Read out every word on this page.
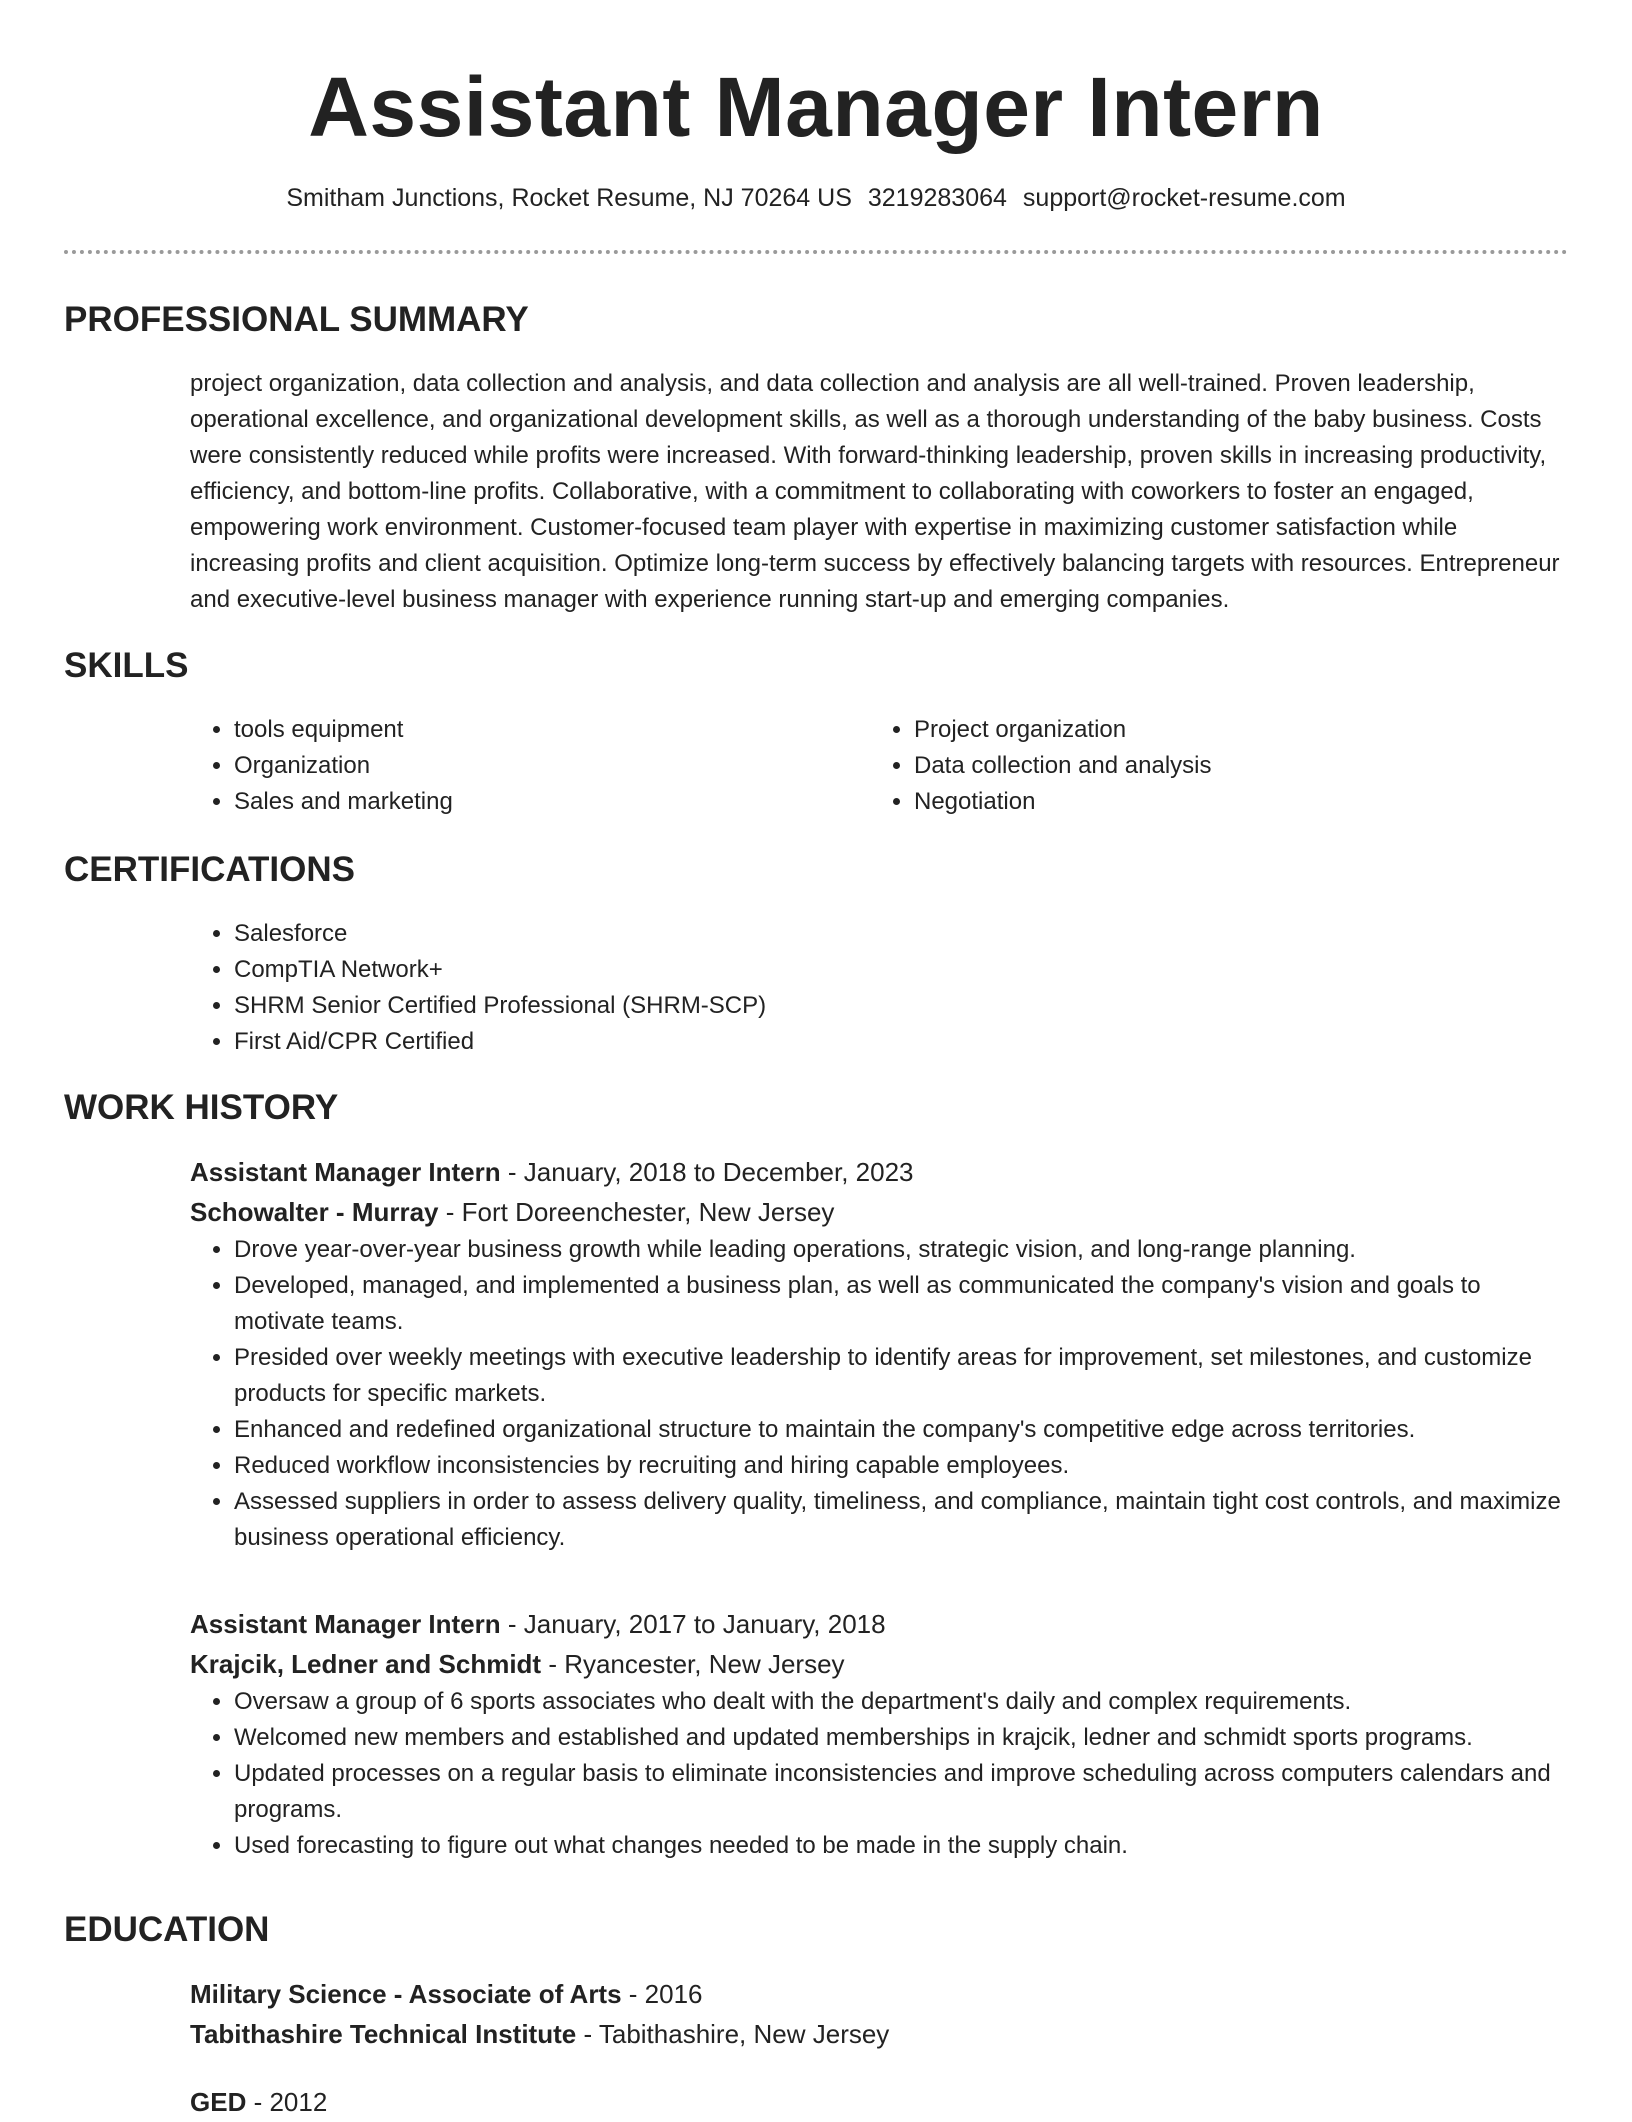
Assistant Manager Intern
Smitham Junctions, Rocket Resume, NJ 70264 US 3219283064 support@rocket-resume.com
PROFESSIONAL SUMMARY
project organization, data collection and analysis, and data collection and analysis are all well-trained. Proven leadership, operational excellence, and organizational development skills, as well as a thorough understanding of the baby business. Costs were consistently reduced while profits were increased. With forward-thinking leadership, proven skills in increasing productivity, efficiency, and bottom-line profits. Collaborative, with a commitment to collaborating with coworkers to foster an engaged, empowering work environment. Customer-focused team player with expertise in maximizing customer satisfaction while increasing profits and client acquisition. Optimize long-term success by effectively balancing targets with resources. Entrepreneur and executive-level business manager with experience running start-up and emerging companies.
SKILLS
• tools equipment
• Organization
• Sales and marketing
• Project organization
• Data collection and analysis
• Negotiation
CERTIFICATIONS
• Salesforce
• CompTIA Network+
• SHRM Senior Certified Professional (SHRM-SCP)
• First Aid/CPR Certified
WORK HISTORY
Assistant Manager Intern - January, 2018 to December, 2023
Schowalter - Murray - Fort Doreenchester, New Jersey
• Drove year-over-year business growth while leading operations, strategic vision, and long-range planning.
• Developed, managed, and implemented a business plan, as well as communicated the company's vision and goals to motivate teams.
• Presided over weekly meetings with executive leadership to identify areas for improvement, set milestones, and customize products for specific markets.
• Enhanced and redefined organizational structure to maintain the company's competitive edge across territories.
• Reduced workflow inconsistencies by recruiting and hiring capable employees.
• Assessed suppliers in order to assess delivery quality, timeliness, and compliance, maintain tight cost controls, and maximize business operational efficiency.
Assistant Manager Intern - January, 2017 to January, 2018
Krajcik, Ledner and Schmidt - Ryancester, New Jersey
• Oversaw a group of 6 sports associates who dealt with the department's daily and complex requirements.
• Welcomed new members and established and updated memberships in krajcik, ledner and schmidt sports programs.
• Updated processes on a regular basis to eliminate inconsistencies and improve scheduling across computers calendars and programs.
• Used forecasting to figure out what changes needed to be made in the supply chain.
EDUCATION
Military Science - Associate of Arts - 2016
Tabithashire Technical Institute - Tabithashire, New Jersey
GED - 2012
